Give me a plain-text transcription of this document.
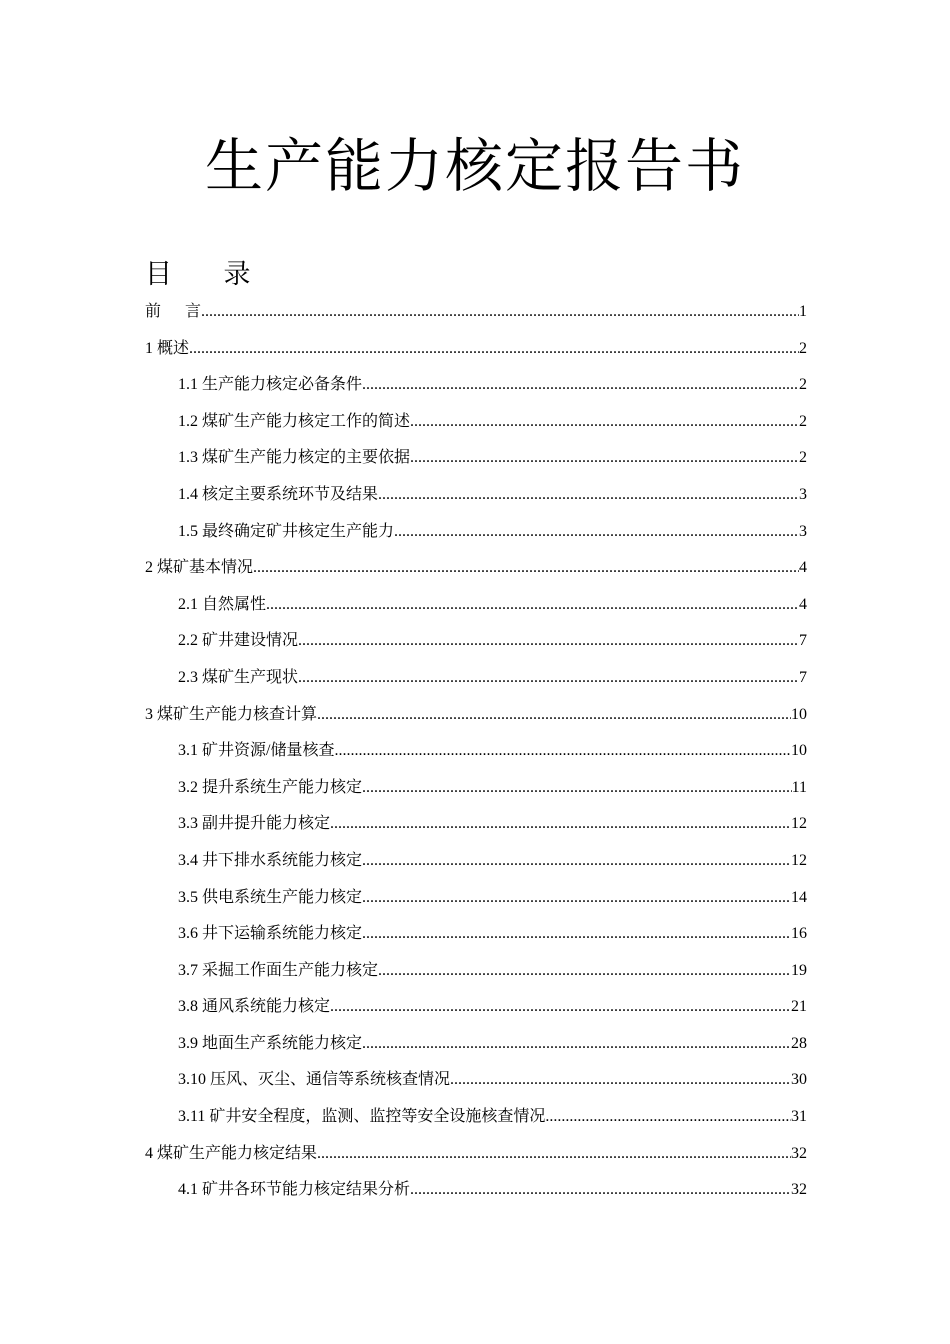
生产能力核定报告书
目      录
前      言 .....	1
1 概述 .....	2
1.1 生产能力核定必备条件 .....	2
1.2 煤矿生产能力核定工作的简述 .....	2
1.3 煤矿生产能力核定的主要依据 .....	2
1.4 核定主要系统环节及结果 .....	3
1.5 最终确定矿井核定生产能力 .....	3
2 煤矿基本情况 .....	4
2.1 自然属性 .....	4
2.2 矿井建设情况 .....	7
2.3 煤矿生产现状 .....	7
3 煤矿生产能力核查计算 .....	10
3.1 矿井资源/储量核查 .....	10
3.2 提升系统生产能力核定 .....	11
3.3 副井提升能力核定 .....	12
3.4 井下排水系统能力核定 .....	12
3.5 供电系统生产能力核定 .....	14
3.6 井下运输系统能力核定 .....	16
3.7 采掘工作面生产能力核定 .....	19
3.8 通风系统能力核定 .....	21
3.9 地面生产系统能力核定 .....	28
3.10 压风、灭尘、通信等系统核查情况 .....	30
3.11 矿井安全程度，监测、监控等安全设施核查情况 .....	31
4 煤矿生产能力核定结果 .....	32
4.1 矿井各环节能力核定结果分析 .....	32
